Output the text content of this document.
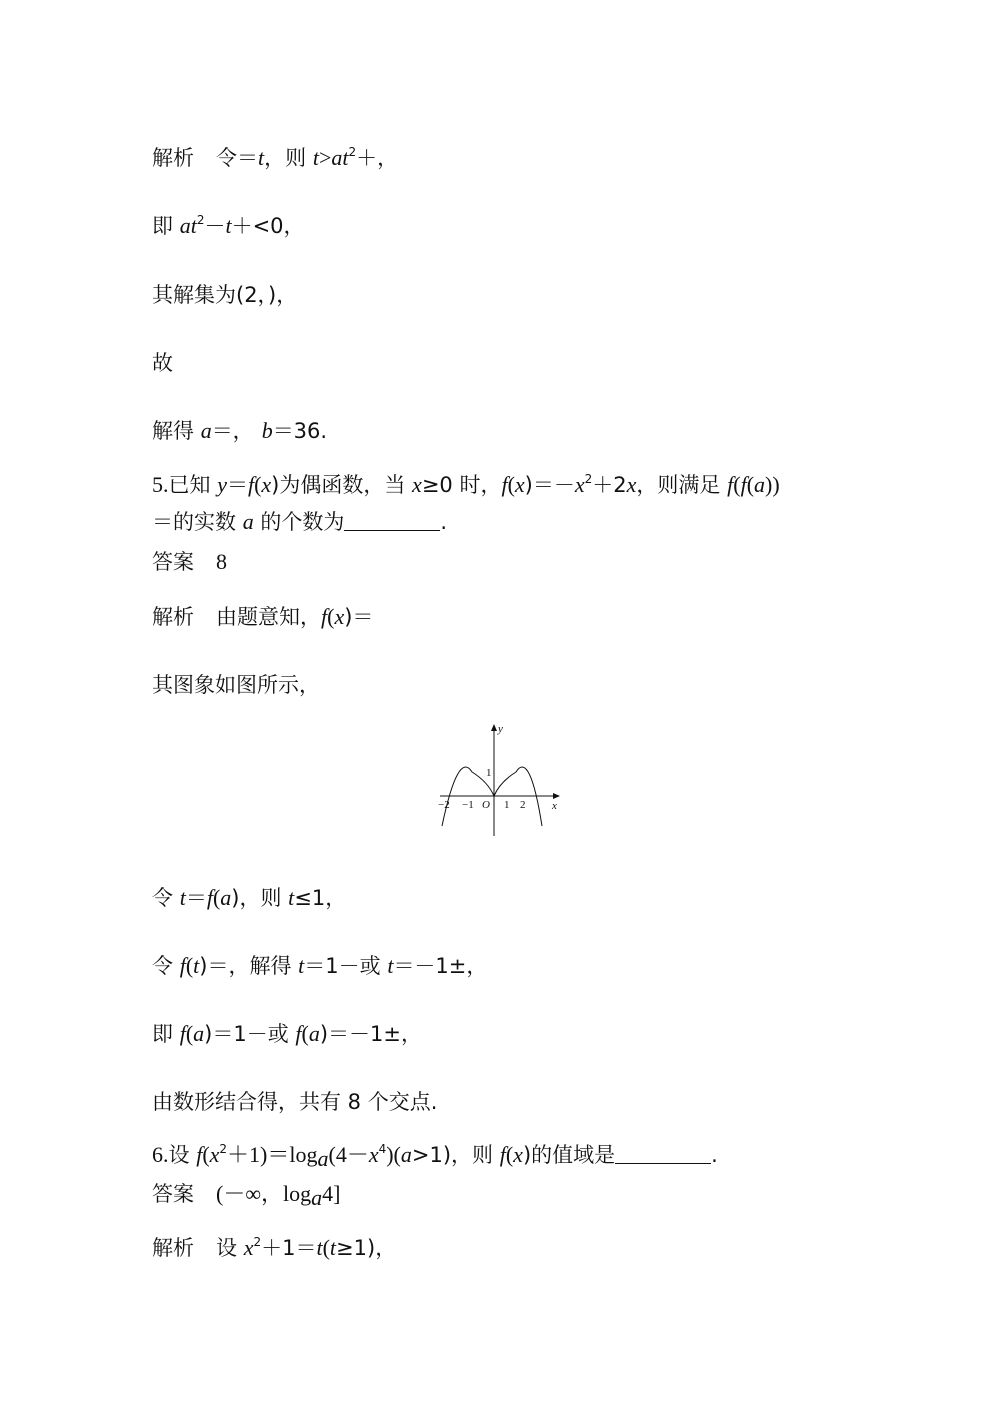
解析 令＝t，则 $t>at^2+$，
即 $at^2-t+<0$，
其解集为(2，)，
故
解得 a＝， b＝36.
5.已知 y＝f(x)为偶函数，当 x≥0 时，$f(x)=-x^2+2x$，则满足 f(f(a))
＝的实数 a 的个数为	.
答案 8
解析 由题意知，f(x)＝
其图象如图所示，
y
x
O
−2 −1	1 2
1
令 t＝f(a)，则 t≤1，
令 f(t)＝，解得 t＝1－或 t＝－1±，
即 f(a)＝1－或 f(a)＝－1±，
由数形结合得，共有 8 个交点.
6.设 $f(x^2+1)=\log_a(4-x^4)(a>1)$，则 f(x)的值域是	.
答案 (－∞，$\log_a4$]
解析 设 $x^2+1=t(t\ge 1)$，
